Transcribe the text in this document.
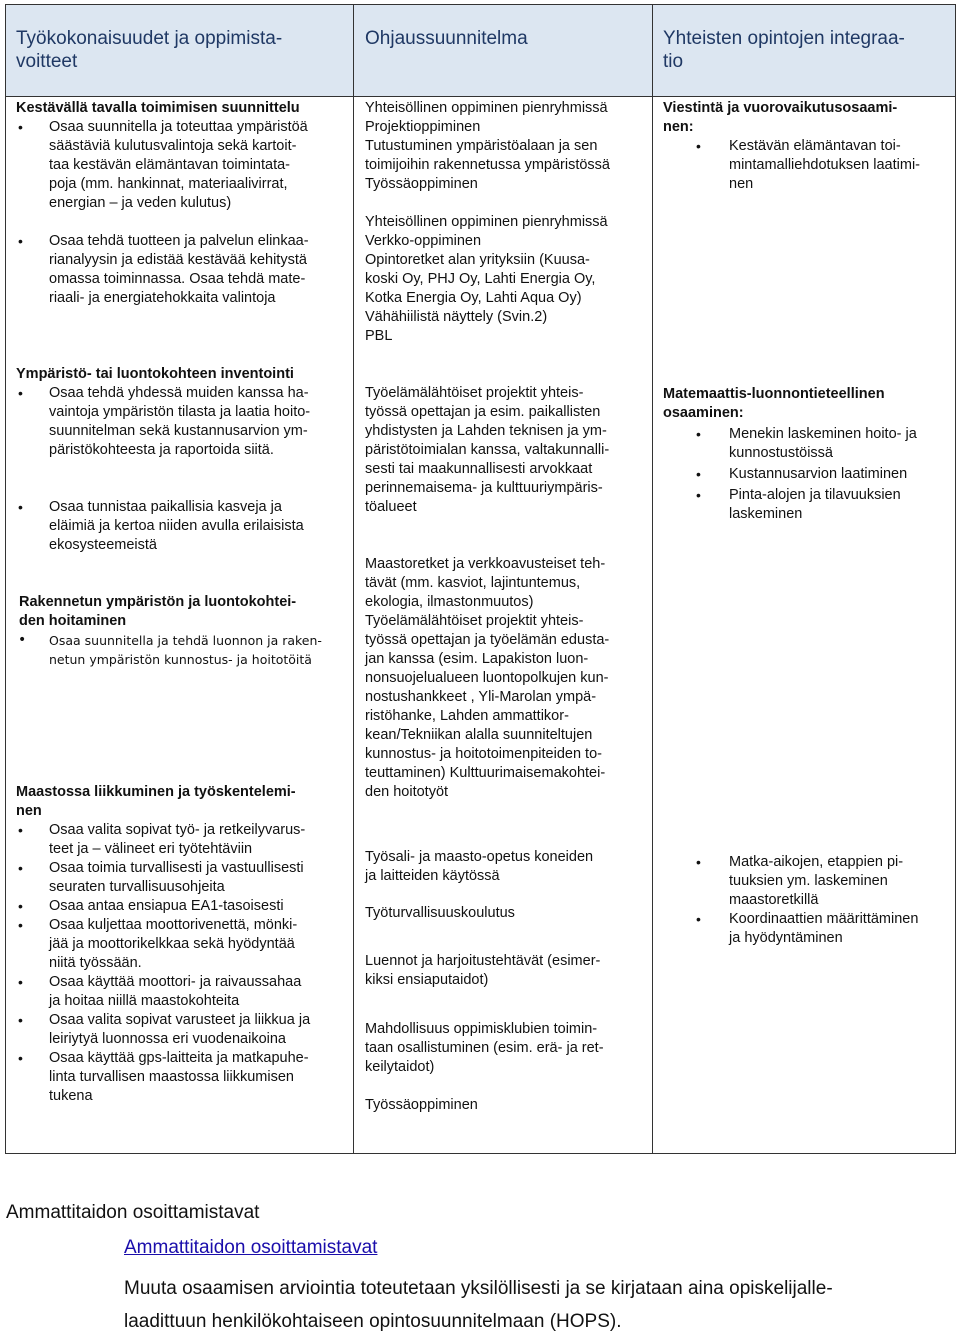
Työkokonaisuudet ja oppimista-
voitteet
Ohjaussuunnitelma	Yhteisten opintojen integraa-
tio
Kestävällä tavalla toimimisen suunnittelu
• Osaa suunnitella ja toteuttaa ympäristöä
säästäviä kulutusvalintoja sekä kartoit-
taa kestävän elämäntavan toimintata-
poja (mm. hankinnat, materiaalivirrat,
energian – ja veden kulutus)
• Osaa tehdä tuotteen ja palvelun elinkaa-
rianalyysin ja edistää kestävää kehitystä
omassa toiminnassa. Osaa tehdä mate-
riaali- ja energiatehokkaita valintoja
Ympäristö- tai luontokohteen inventointi
• Osaa tehdä yhdessä muiden kanssa ha-
vaintoja ympäristön tilasta ja laatia hoito-
suunnitelman sekä kustannusarvion ym-
päristökohteesta ja raportoida siitä.
• Osaa tunnistaa paikallisia kasveja ja
eläimiä ja kertoa niiden avulla erilaisista
ekosysteemeistä
Rakennetun ympäristön ja luontokohtei-
den hoitaminen
• Osaa suunnitella ja tehdä luonnon ja raken-
netun ympäristön kunnostus- ja hoitotöitä
Maastossa liikkuminen ja työskentelemi-
nen
• Osaa valita sopivat työ- ja retkeilyvarus-
teet ja – välineet eri työtehtäviin
• Osaa toimia turvallisesti ja vastuullisesti
seuraten turvallisuusohjeita
• Osaa antaa ensiapua EA1-tasoisesti
• Osaa kuljettaa moottorivenettä, mönki-
jää ja moottorikelkkaa sekä hyödyntää
niitä työssään.
• Osaa käyttää moottori- ja raivaussahaa
ja hoitaa niillä maastokohteita
• Osaa valita sopivat varusteet ja liikkua ja
leiriytyä luonnossa eri vuodenaikoina
• Osaa käyttää gps-laitteita ja matkapuhe-
linta turvallisen maastossa liikkumisen
tukena
Yhteisöllinen oppiminen pienryhmissä
Projektioppiminen
Tutustuminen ympäristöalaan ja sen
toimijoihin rakennetussa ympäristössä
Työssäoppiminen
Yhteisöllinen oppiminen pienryhmissä
Verkko-oppiminen
Opintoretket alan yrityksiin (Kuusa-
koski Oy, PHJ Oy, Lahti Energia Oy,
Kotka Energia Oy, Lahti Aqua Oy)
Vähähiilistä näyttely (Svin.2)
PBL
Työelämälähtöiset projektit yhteis-
työssä opettajan ja esim. paikallisten
yhdistysten ja Lahden teknisen ja ym-
päristötoimialan kanssa, valtakunnalli-
sesti tai maakunnallisesti arvokkaat
perinnemaisema- ja kulttuuriympäris-
töalueet
Maastoretket ja verkkoavusteiset teh-
tävät (mm. kasviot, lajintuntemus,
ekologia, ilmastonmuutos)
Työelämälähtöiset projektit yhteis-
työssä opettajan ja työelämän edusta-
jan kanssa (esim. Lapakiston luon-
nonsuojelualueen luontopolkujen kun-
nostushankkeet , Yli-Marolan ympä-
ristöhanke, Lahden ammattikor-
kean/Tekniikan alalla suunniteltujen
kunnostus- ja hoitotoimenpiteiden to-
teuttaminen) Kulttuurimaisemakohtei-
den hoitotyöt
Työsali- ja maasto-opetus koneiden
ja laitteiden käytössä
Työturvallisuuskoulutus
Luennot ja harjoitustehtävät (esimer-
kiksi ensiaputaidot)
Mahdollisuus oppimisklubien toimin-
taan osallistuminen (esim. erä- ja ret-
keilytaidot)
Työssäoppiminen
Viestintä ja vuorovaikutusosaami-
nen:
• Kestävän elämäntavan toi-
mintamalliehdotuksen laatimi-
nen
Matemaattis-luonnontieteellinen
osaaminen:
• Menekin laskeminen hoito- ja
kunnostustöissä
• Kustannusarvion laatiminen
• Pinta-alojen ja tilavuuksien
laskeminen
• Matka-aikojen, etappien pi-
tuuksien ym. laskeminen
maastoretkillä
• Koordinaattien määrittäminen
ja hyödyntäminen
Ammattitaidon osoittamistavat
Ammattitaidon osoittamistavat
Muuta osaamisen arviointia toteutetaan yksilöllisesti ja se kirjataan aina opiskelijalle-
laadittuun henkilökohtaiseen opintosuunnitelmaan (HOPS).
